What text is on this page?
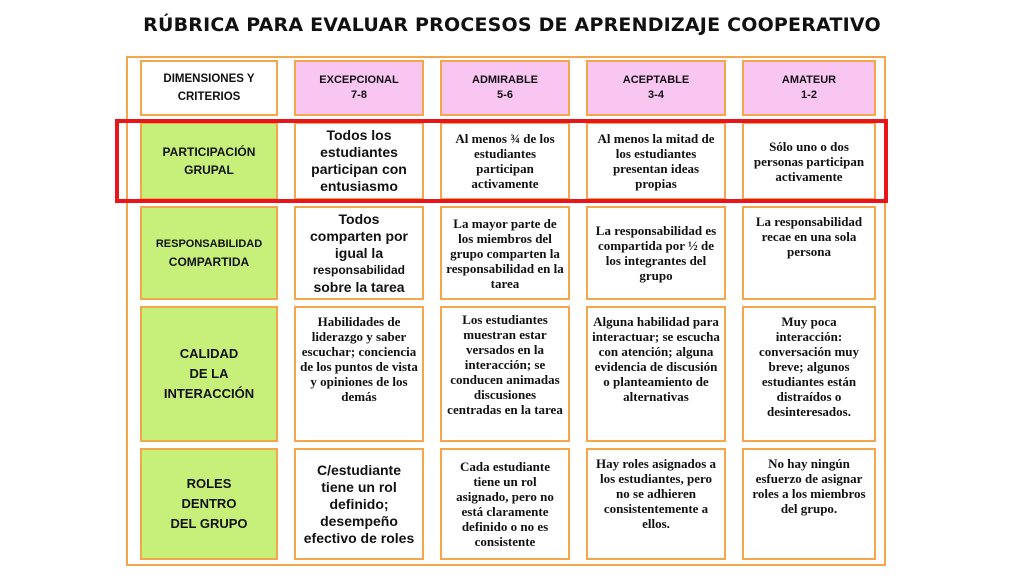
RÚBRICA PARA EVALUAR PROCESOS DE APRENDIZAJE COOPERATIVO
DIMENSIONES Y
CRITERIOS
EXCEPCIONAL
7-8
ADMIRABLE
5-6
ACEPTABLE
3-4
AMATEUR
1-2
PARTICIPACIÓN
GRUPAL
Todos los estudiantes participan con entusiasmo
Al menos ¾ de los estudiantes participan activamente
Al menos la mitad de los estudiantes presentan ideas propias
Sólo uno o dos personas participan activamente
RESPONSABILIDAD
COMPARTIDA
Todos
comparten por
igual la
responsabilidad
sobre la tarea
La mayor parte de los miembros del grupo comparten la responsabilidad en la tarea
La responsabilidad es compartida por ½ de los integrantes del grupo
La responsabilidad recae en una sola persona
CALIDAD
DE LA
INTERACCIÓN
Habilidades de liderazgo y saber escuchar; conciencia de los puntos de vista y opiniones de los demás
Los estudiantes muestran estar versados en la interacción; se conducen animadas discusiones centradas en la tarea
Alguna habilidad para interactuar; se escucha con atención; alguna evidencia de discusión o planteamiento de alternativas
Muy poca interacción: conversación muy breve; algunos estudiantes están distraídos o desinteresados.
ROLES
DENTRO
DEL GRUPO
C/estudiante tiene un rol definido; desempeño efectivo de roles
Cada estudiante tiene un rol asignado, pero no está claramente definido o no es consistente
Hay roles asignados a los estudiantes, pero no se adhieren consistentemente a ellos.
No hay ningún esfuerzo de asignar roles a los miembros del grupo.
